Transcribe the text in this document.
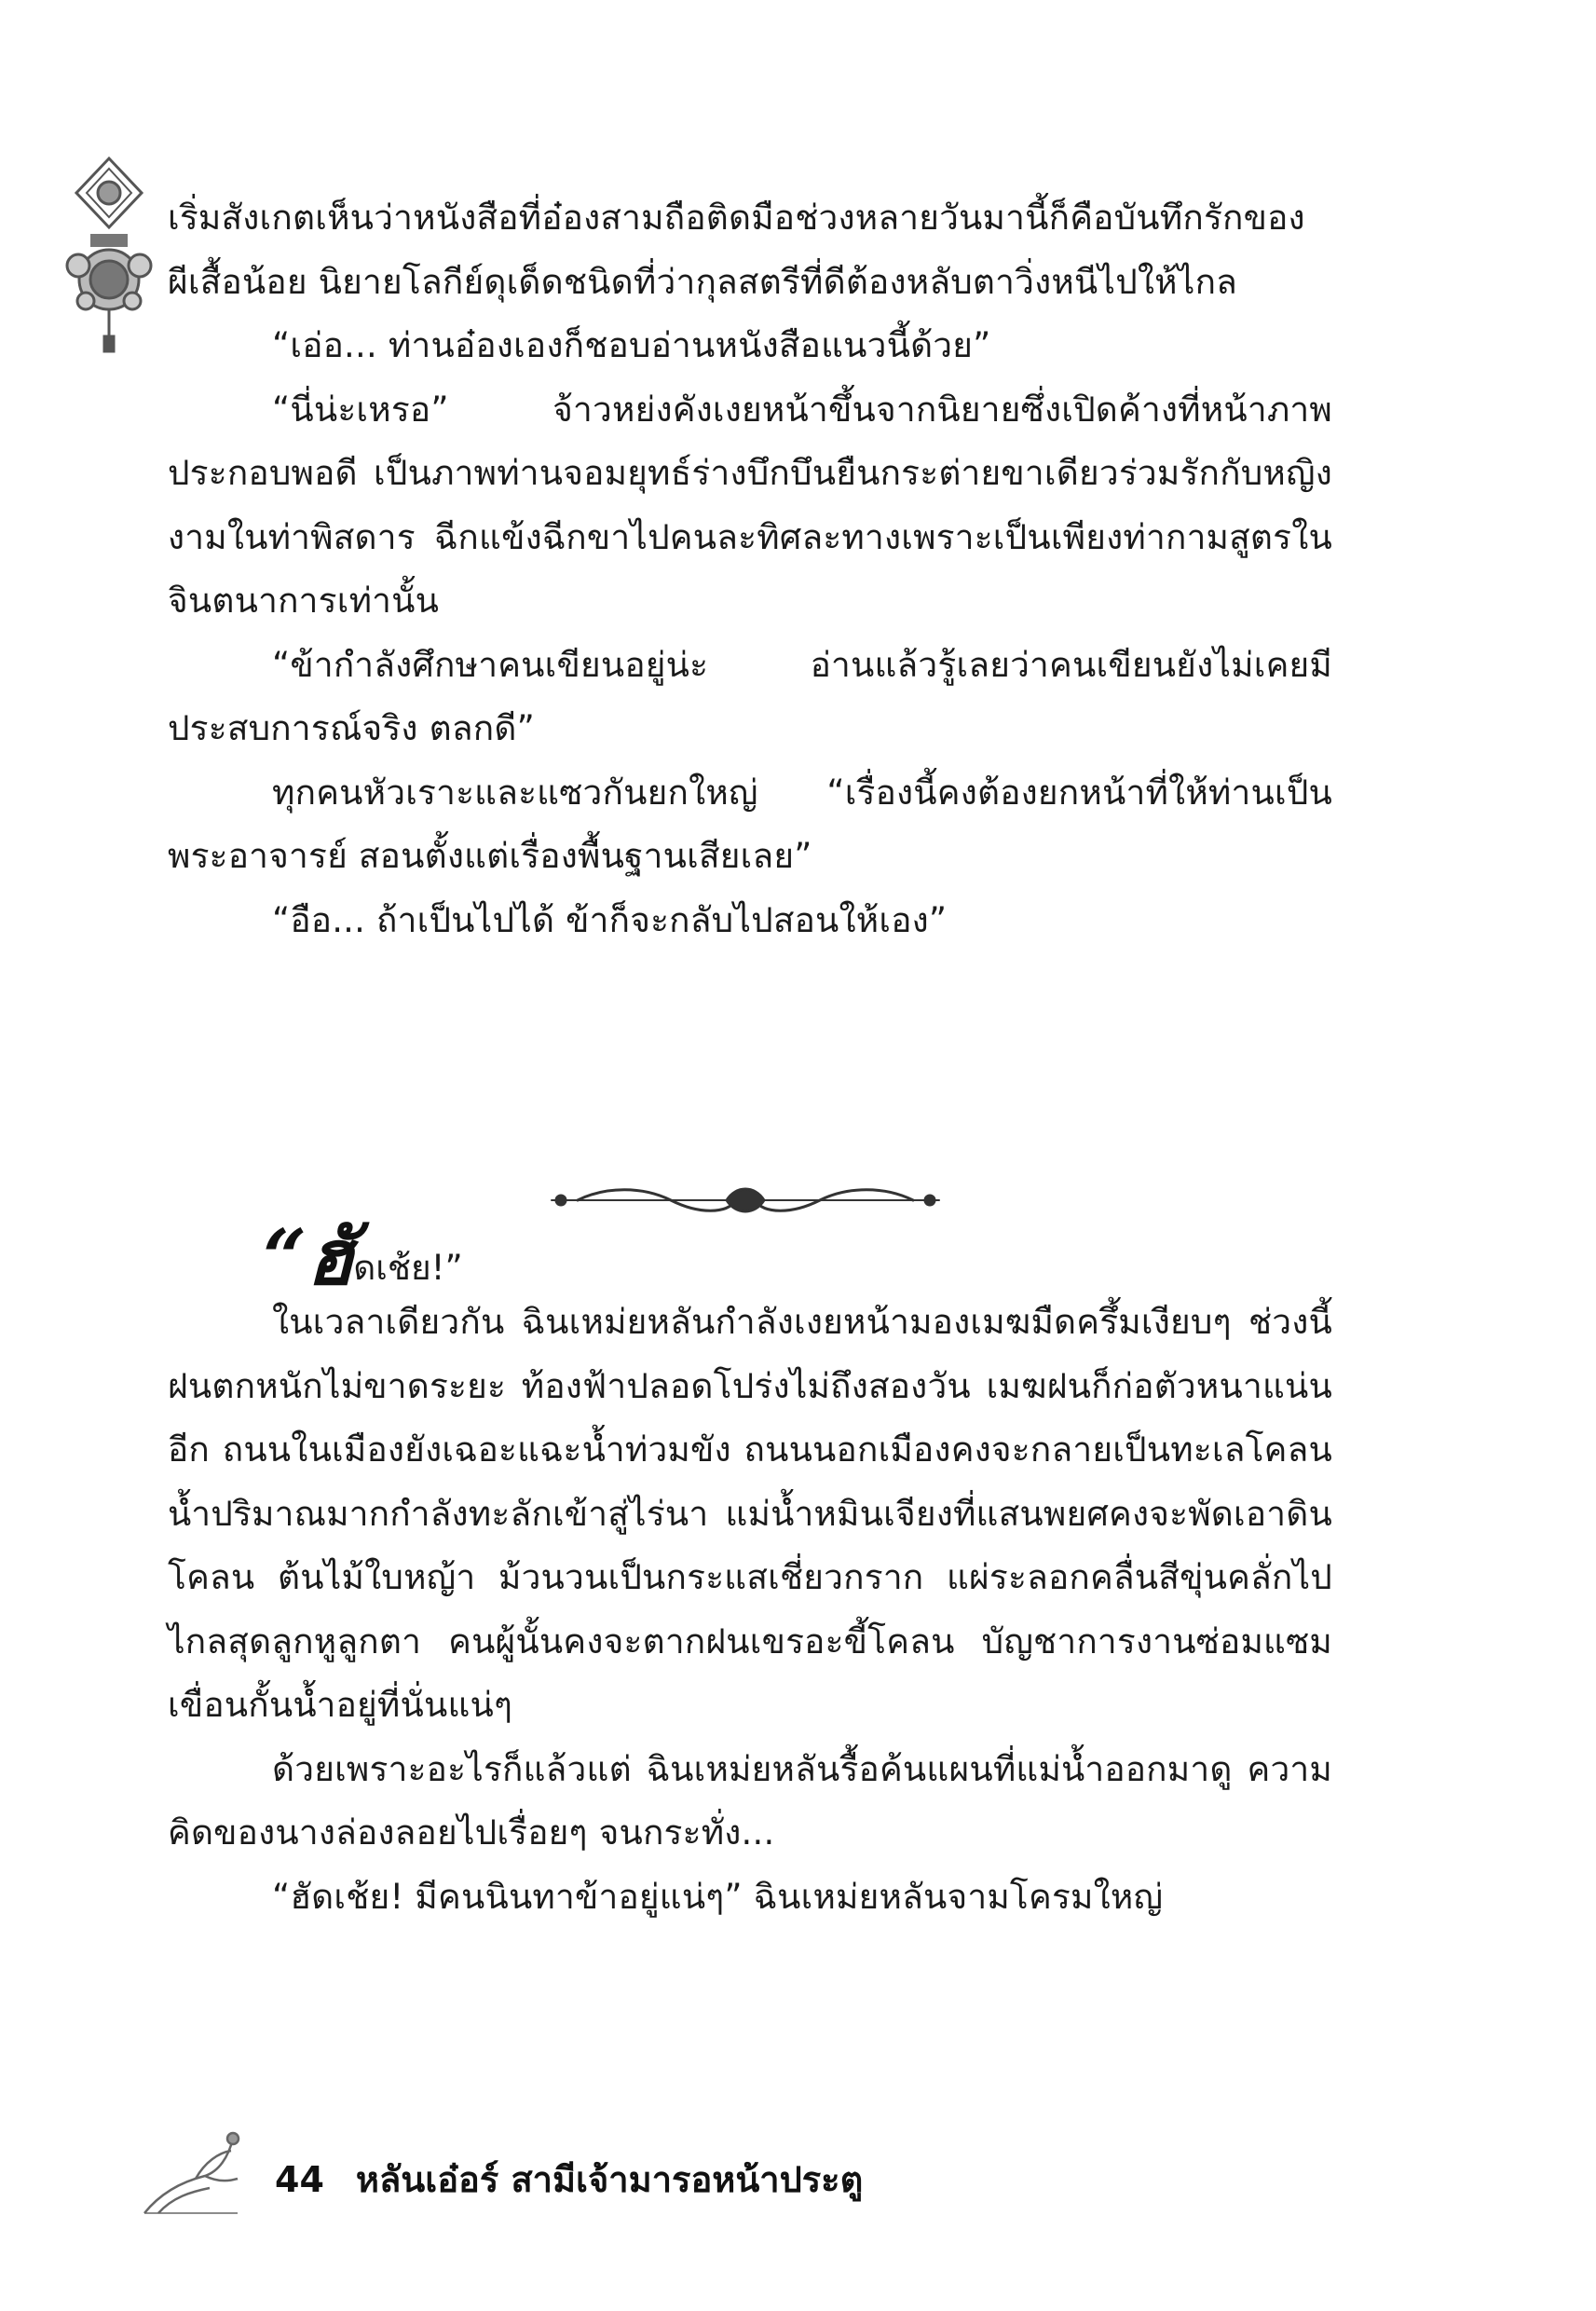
เริ่มสังเกตเห็นว่าหนังสือที่อ๋องสามถือติดมือช่วงหลายวันมานี้ก็คือบันทึกรักของผีเสื้อน้อย นิยายโลกีย์ดุเด็ดชนิดที่ว่ากุลสตรีที่ดีต้องหลับตาวิ่งหนีไปให้ไกล

“เอ่อ... ท่านอ๋องเองก็ชอบอ่านหนังสือแนวนี้ด้วย”

“นี่น่ะเหรอ” จ้าวหย่งคังเงยหน้าขึ้นจากนิยายซึ่งเปิดค้างที่หน้าภาพประกอบพอดี เป็นภาพท่านจอมยุทธ์ร่างบึกบึนยืนกระต่ายขาเดียวร่วมรักกับหญิงงามในท่าพิสดาร ฉีกแข้งฉีกขาไปคนละทิศละทางเพราะเป็นเพียงท่ากามสูตรในจินตนาการเท่านั้น

“ข้ากำลังศึกษาคนเขียนอยู่น่ะ อ่านแล้วรู้เลยว่าคนเขียนยังไม่เคยมีประสบการณ์จริง ตลกดี”

ทุกคนหัวเราะและแซวกันยกใหญ่ “เรื่องนี้คงต้องยกหน้าที่ให้ท่านเป็นพระอาจารย์ สอนตั้งแต่เรื่องพื้นฐานเสียเลย”

“อือ... ถ้าเป็นไปได้ ข้าก็จะกลับไปสอนให้เอง”

“ฮัดเช้ย!”

ในเวลาเดียวกัน ฉินเหม่ยหลันกำลังเงยหน้ามองเมฆมืดครึ้มเงียบๆ ช่วงนี้ฝนตกหนักไม่ขาดระยะ ท้องฟ้าปลอดโปร่งไม่ถึงสองวัน เมฆฝนก็ก่อตัวหนาแน่นอีก ถนนในเมืองยังเฉอะแฉะน้ำท่วมขัง ถนนนอกเมืองคงจะกลายเป็นทะเลโคลน น้ำปริมาณมากกำลังทะลักเข้าสู่ไร่นา แม่น้ำหมินเจียงที่แสนพยศคงจะพัดเอาดินโคลน ต้นไม้ใบหญ้า ม้วนวนเป็นกระแสเชี่ยวกราก แผ่ระลอกคลื่นสีขุ่นคลั่กไปไกลสุดลูกหูลูกตา คนผู้นั้นคงจะตากฝนเขรอะขี้โคลน บัญชาการงานซ่อมแซมเขื่อนกั้นน้ำอยู่ที่นั่นแน่ๆ

ด้วยเพราะอะไรก็แล้วแต่ ฉินเหม่ยหลันรื้อค้นแผนที่แม่น้ำออกมาดู ความคิดของนางล่องลอยไปเรื่อยๆ จนกระทั่ง...

“ฮัดเช้ย! มีคนนินทาข้าอยู่แน่ๆ” ฉินเหม่ยหลันจามโครมใหญ่

44 หลันเอ๋อร์ สามีเจ้ามารอหน้าประตู
